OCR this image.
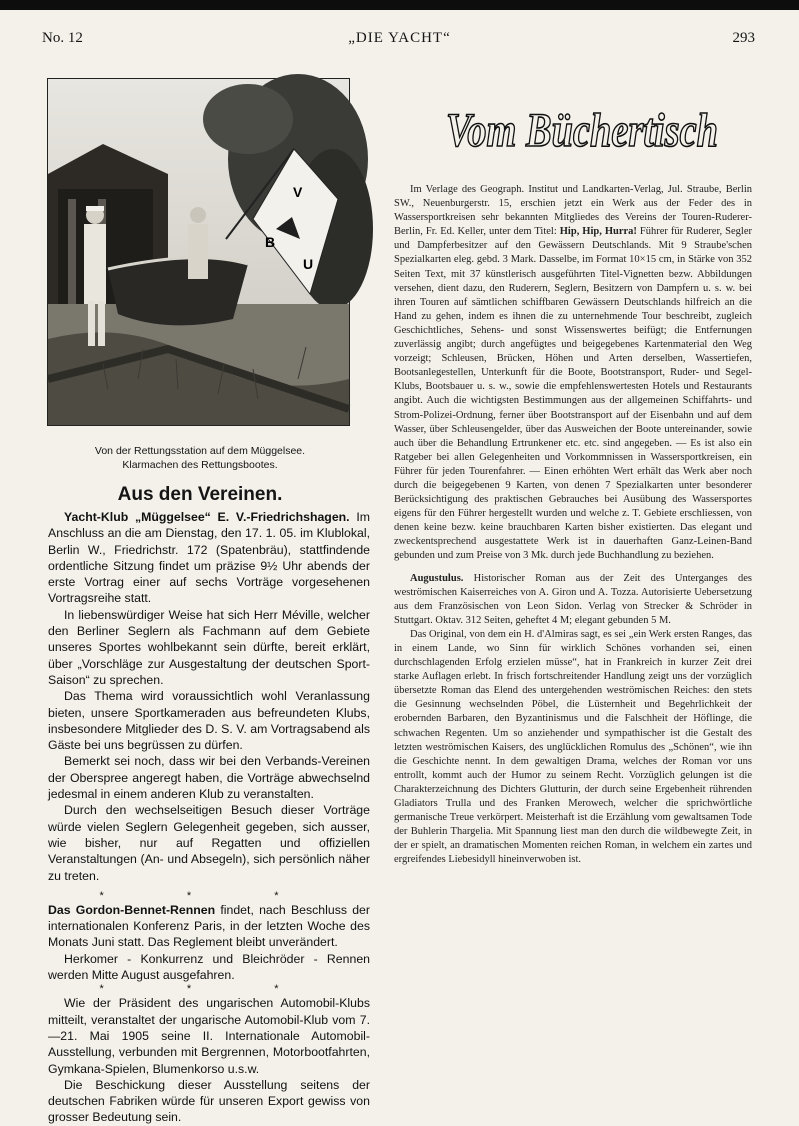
No. 12	„DIE YACHT“	293
V
B
U
Von der Rettungsstation auf dem Müggelsee.
Klarmachen des Rettungsbootes.
Vom Büchertisch
Aus den Vereinen.

Yacht-Klub „Müggelsee“ E. V.-Friedrichshagen. Im Anschluss an die am Dienstag, den 17. 1. 05. im Klublokal, Berlin W., Friedrichstr. 172 (Spatenbräu), stattfindende ordentliche Sitzung findet um präzise 9½ Uhr abends der erste Vortrag einer auf sechs Vorträge vorgesehenen Vortragsreihe statt.

In liebenswürdiger Weise hat sich Herr Méville, welcher den Berliner Seglern als Fachmann auf dem Gebiete unseres Sportes wohlbekannt sein dürfte, bereit erklärt, über „Vorschläge zur Ausgestaltung der deutschen Sport-Saison“ zu sprechen.

Das Thema wird voraussichtlich wohl Veranlassung bieten, unsere Sportkameraden aus befreundeten Klubs, insbesondere Mitglieder des D. S. V. am Vortragsabend als Gäste bei uns begrüssen zu dürfen.

Bemerkt sei noch, dass wir bei den Verbands-Vereinen der Oberspree angeregt haben, die Vorträge abwechselnd jedesmal in einem anderen Klub zu veranstalten.

Durch den wechselseitigen Besuch dieser Vorträge würde vielen Seglern Gelegenheit gegeben, sich ausser, wie bisher, nur auf Regatten und offiziellen Veranstaltungen (An- und Absegeln), sich persönlich näher zu treten.

* * *

Das Gordon-Bennet-Rennen findet, nach Beschluss der internationalen Konferenz Paris, in der letzten Woche des Monats Juni statt. Das Reglement bleibt unverändert.

Herkomer - Konkurrenz und Bleichröder - Rennen werden Mitte August ausgefahren.

* * *

Wie der Präsident des ungarischen Automobil-Klubs mitteilt, veranstaltet der ungarische Automobil-Klub vom 7.—21. Mai 1905 seine II. Internationale Automobil-Ausstellung, verbunden mit Bergrennen, Motorbootfahrten, Gymkana-Spielen, Blumenkorso u.s.w.

Die Beschickung dieser Ausstellung seitens der deutschen Fabriken würde für unseren Export gewiss von grosser Bedeutung sein.

Im Verlage des Geograph. Institut und Landkarten-Verlag, Jul. Straube, Berlin SW., Neuenburgerstr. 15, erschien jetzt ein Werk aus der Feder des in Wassersportkreisen sehr bekannten Mitgliedes des Vereins der Touren-Ruderer-Berlin, Fr. Ed. Keller, unter dem Titel: Hip, Hip, Hurra! Führer für Ruderer, Segler und Dampferbesitzer auf den Gewässern Deutschlands. Mit 9 Straube'schen Spezialkarten eleg. gebd. 3 Mark. Dasselbe, im Format 10×15 cm, in Stärke von 352 Seiten Text, mit 37 künstlerisch ausgeführten Titel-Vignetten bezw. Abbildungen versehen, dient dazu, den Ruderern, Seglern, Besitzern von Dampfern u. s. w. bei ihren Touren auf sämtlichen schiffbaren Gewässern Deutschlands hilfreich an die Hand zu gehen, indem es ihnen die zu unternehmende Tour beschreibt, zugleich Geschichtliches, Sehens- und sonst Wissenswertes beifügt; die Entfernungen zuverlässig angibt; durch angefügtes und beigegebenes Kartenmaterial den Weg vorzeigt; Schleusen, Brücken, Höhen und Arten derselben, Wassertiefen, Bootsanlegestellen, Unterkunft für die Boote, Bootstransport, Ruder- und Segel-Klubs, Bootsbauer u. s. w., sowie die empfehlenswertesten Hotels und Restaurants angibt. Auch die wichtigsten Bestimmungen aus der allgemeinen Schiffahrts- und Strom-Polizei-Ordnung, ferner über Bootstransport auf der Eisenbahn und auf dem Wasser, über Schleusengelder, über das Ausweichen der Boote untereinander, sowie auch über die Behandlung Ertrunkener etc. etc. sind angegeben. — Es ist also ein Ratgeber bei allen Gelegenheiten und Vorkommnissen in Wassersportkreisen, ein Führer für jeden Tourenfahrer. — Einen erhöhten Wert erhält das Werk aber noch durch die beigegebenen 9 Karten, von denen 7 Spezialkarten unter besonderer Berücksichtigung des praktischen Gebrauches bei Ausübung des Wassersportes eigens für den Führer hergestellt wurden und welche z. T. Gebiete erschliessen, von denen keine bezw. keine brauchbaren Karten bisher existierten. Das elegant und zweckentsprechend ausgestattete Werk ist in dauerhaften Ganz-Leinen-Band gebunden und zum Preise von 3 Mk. durch jede Buchhandlung zu beziehen.

Augustulus. Historischer Roman aus der Zeit des Unterganges des weströmischen Kaiserreiches von A. Giron und A. Tozza. Autorisierte Uebersetzung aus dem Französischen von Leon Sidon. Verlag von Strecker & Schröder in Stuttgart. Oktav. 312 Seiten, geheftet 4 M; elegant gebunden 5 M.

Das Original, von dem ein H. d'Almiras sagt, es sei „ein Werk ersten Ranges, das in einem Lande, wo Sinn für wirklich Schönes vorhanden sei, einen durchschlagenden Erfolg erzielen müsse“, hat in Frankreich in kurzer Zeit drei starke Auflagen erlebt. In frisch fortschreitender Handlung zeigt uns der vorzüglich übersetzte Roman das Elend des untergehenden weströmischen Reiches: den stets die Gesinnung wechselnden Pöbel, die Lüsternheit und Begehrlichkeit der erobernden Barbaren, den Byzantinismus und die Falschheit der Höflinge, die schwachen Regenten. Um so anziehender und sympathischer ist die Gestalt des letzten weströmischen Kaisers, des unglücklichen Romulus des „Schönen“, wie ihn die Geschichte nennt. In dem gewaltigen Drama, welches der Roman vor uns entrollt, kommt auch der Humor zu seinem Recht. Vorzüglich gelungen ist die Charakterzeichnung des Dichters Glutturin, der durch seine Ergebenheit rührenden Gladiators Trulla und des Franken Merowech, welcher die sprichwörtliche germanische Treue verkörpert. Meisterhaft ist die Erzählung vom gewaltsamen Tode der Buhlerin Thargelia. Mit Spannung liest man den durch die wildbewegte Zeit, in der er spielt, an dramatischen Momenten reichen Roman, in welchem ein zartes und ergreifendes Liebesidyll hineinverwoben ist.
